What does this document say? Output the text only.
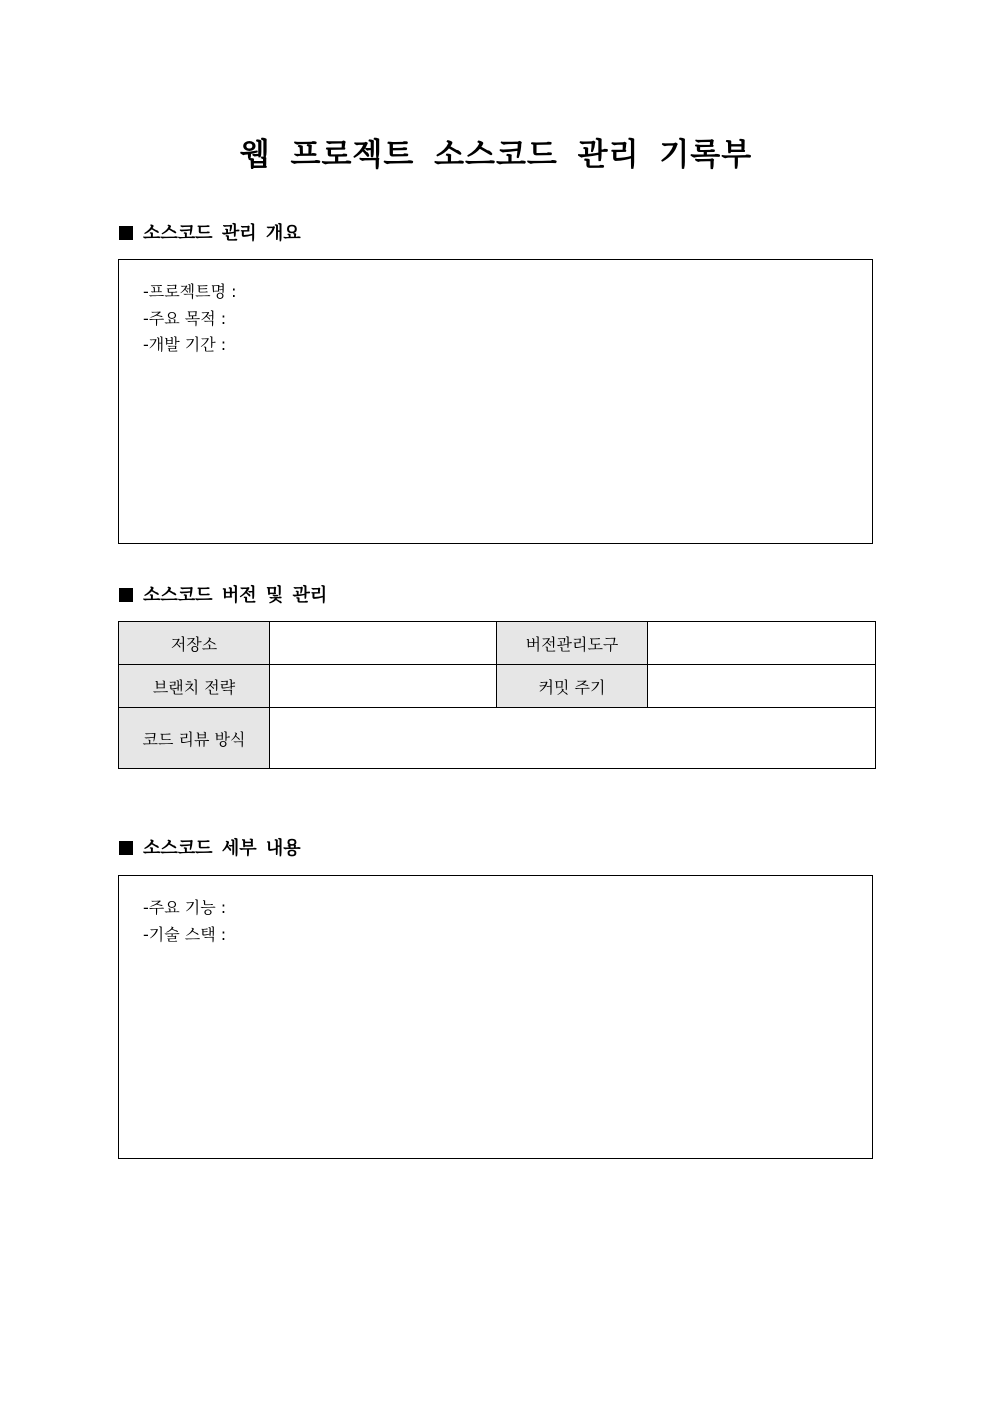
웹 프로젝트 소스코드 관리 기록부
소스코드 관리 개요
-프로젝트명 :
-주요 목적 :
-개발 기간 :
소스코드 버전 및 관리
저장소		버전관리도구	
브랜치 전략		커밋 주기	
코드 리뷰 방식			
소스코드 세부 내용
-주요 기능 :
-기술 스택 :
